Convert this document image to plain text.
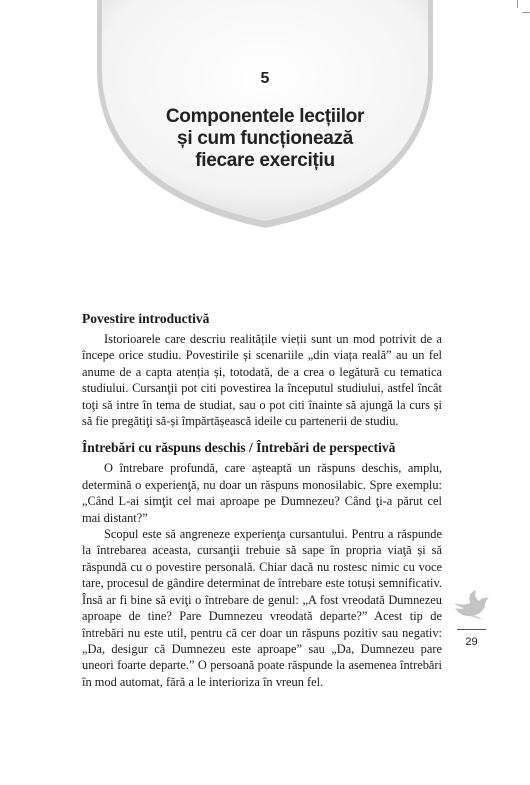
5
Componentele lecțiilor
și cum funcționează
fiecare exercițiu
Povestire introductivă

Istorioarele care descriu realitățile vieții sunt un mod potrivit de a începe orice studiu. Povestirile și scenariile „din viața reală” au un fel anume de a capta atenția și, totodată, de a crea o legătură cu tematica studiului. Cursanţii pot citi povestirea la începutul studiului, astfel încât toţi să intre în tema de studiat, sau o pot citi înainte să ajungă la curs și să fie pregătiţi să-și împărtășească ideile cu partenerii de studiu.

Întrebări cu răspuns deschis / Întrebări de perspectivă

O întrebare profundă, care așteaptă un răspuns deschis, amplu, determină o experienţă, nu doar un răspuns monosilabic. Spre exemplu: „Când L-ai simţit cel mai aproape pe Dumnezeu? Când ţi-a părut cel mai distant?”

Scopul este să angreneze experienţa cursantului. Pentru a răspunde la întrebarea aceasta, cursanţii trebuie să sape în propria viaţă și să răspundă cu o povestire personală. Chiar dacă nu rostesc nimic cu voce tare, procesul de gândire determinat de întrebare este totuși semnificativ. Însă ar fi bine să eviţi o întrebare de genul: „A fost vreodată Dumnezeu aproape de tine? Pare Dumnezeu vreodată departe?” Acest tip de întrebări nu este util, pentru că cer doar un răspuns pozitiv sau negativ: „Da, desigur că Dumnezeu este aproape” sau „Da, Dumnezeu pare uneori foarte departe.” O persoană poate răspunde la asemenea întrebări în mod automat, fără a le interioriza în vreun fel.

29
